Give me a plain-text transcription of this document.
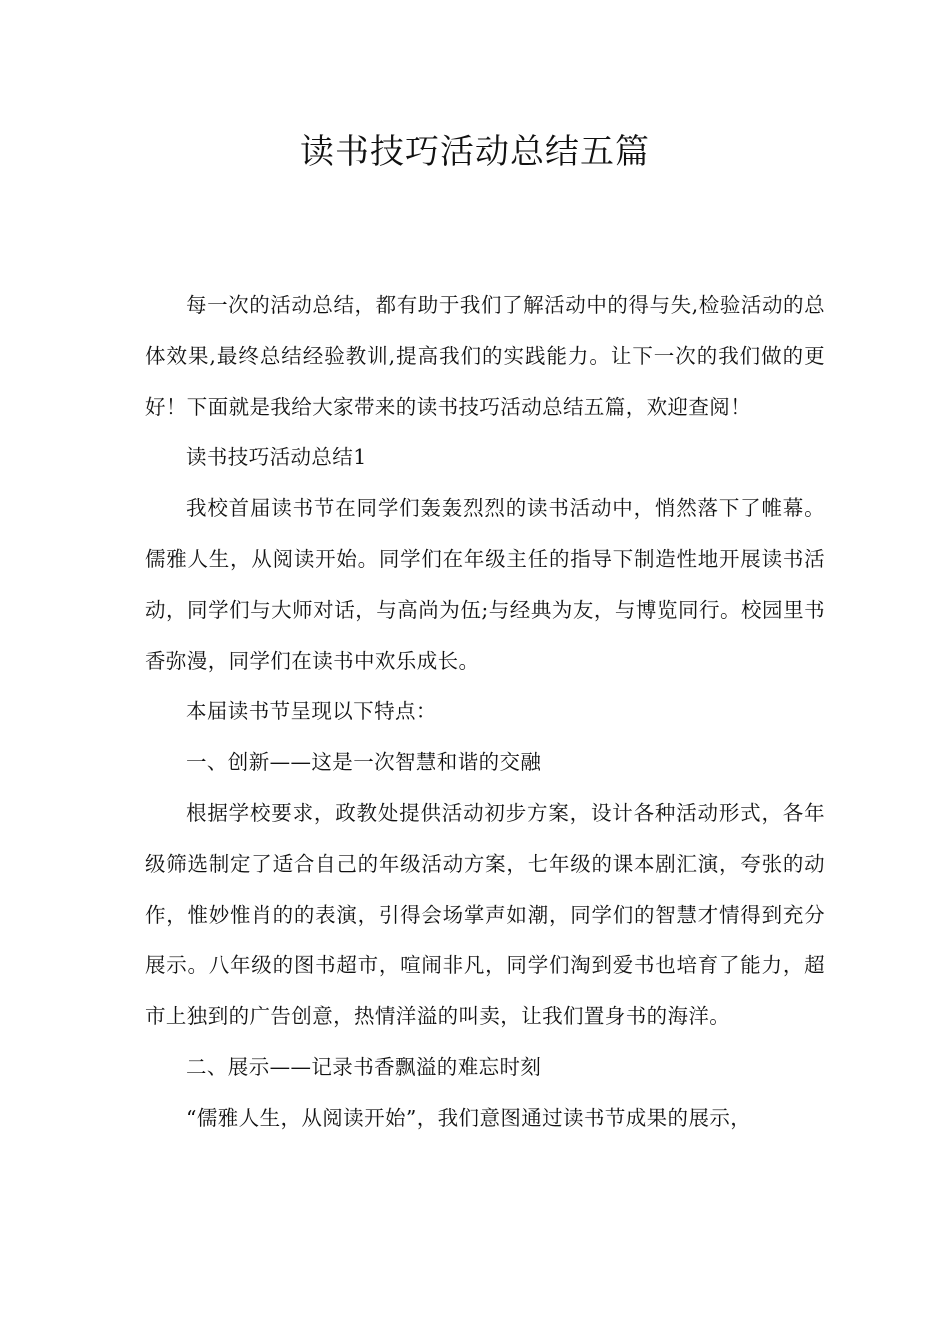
读书技巧活动总结五篇

每一次的活动总结，都有助于我们了解活动中的得与失,检验活动的总体效果,最终总结经验教训,提高我们的实践能力。让下一次的我们做的更好！下面就是我给大家带来的读书技巧活动总结五篇，欢迎查阅！

读书技巧活动总结1

我校首届读书节在同学们轰轰烈烈的读书活动中，悄然落下了帷幕。儒雅人生，从阅读开始。同学们在年级主任的指导下制造性地开展读书活动，同学们与大师对话，与高尚为伍;与经典为友，与博览同行。校园里书香弥漫，同学们在读书中欢乐成长。

本届读书节呈现以下特点：

一、创新——这是一次智慧和谐的交融

根据学校要求，政教处提供活动初步方案，设计各种活动形式，各年级筛选制定了适合自己的年级活动方案，七年级的课本剧汇演，夸张的动作，惟妙惟肖的的表演，引得会场掌声如潮，同学们的智慧才情得到充分展示。八年级的图书超市，喧闹非凡，同学们淘到爱书也培育了能力，超市上独到的广告创意，热情洋溢的叫卖，让我们置身书的海洋。

二、展示——记录书香飘溢的难忘时刻

“儒雅人生，从阅读开始”，我们意图通过读书节成果的展示，
